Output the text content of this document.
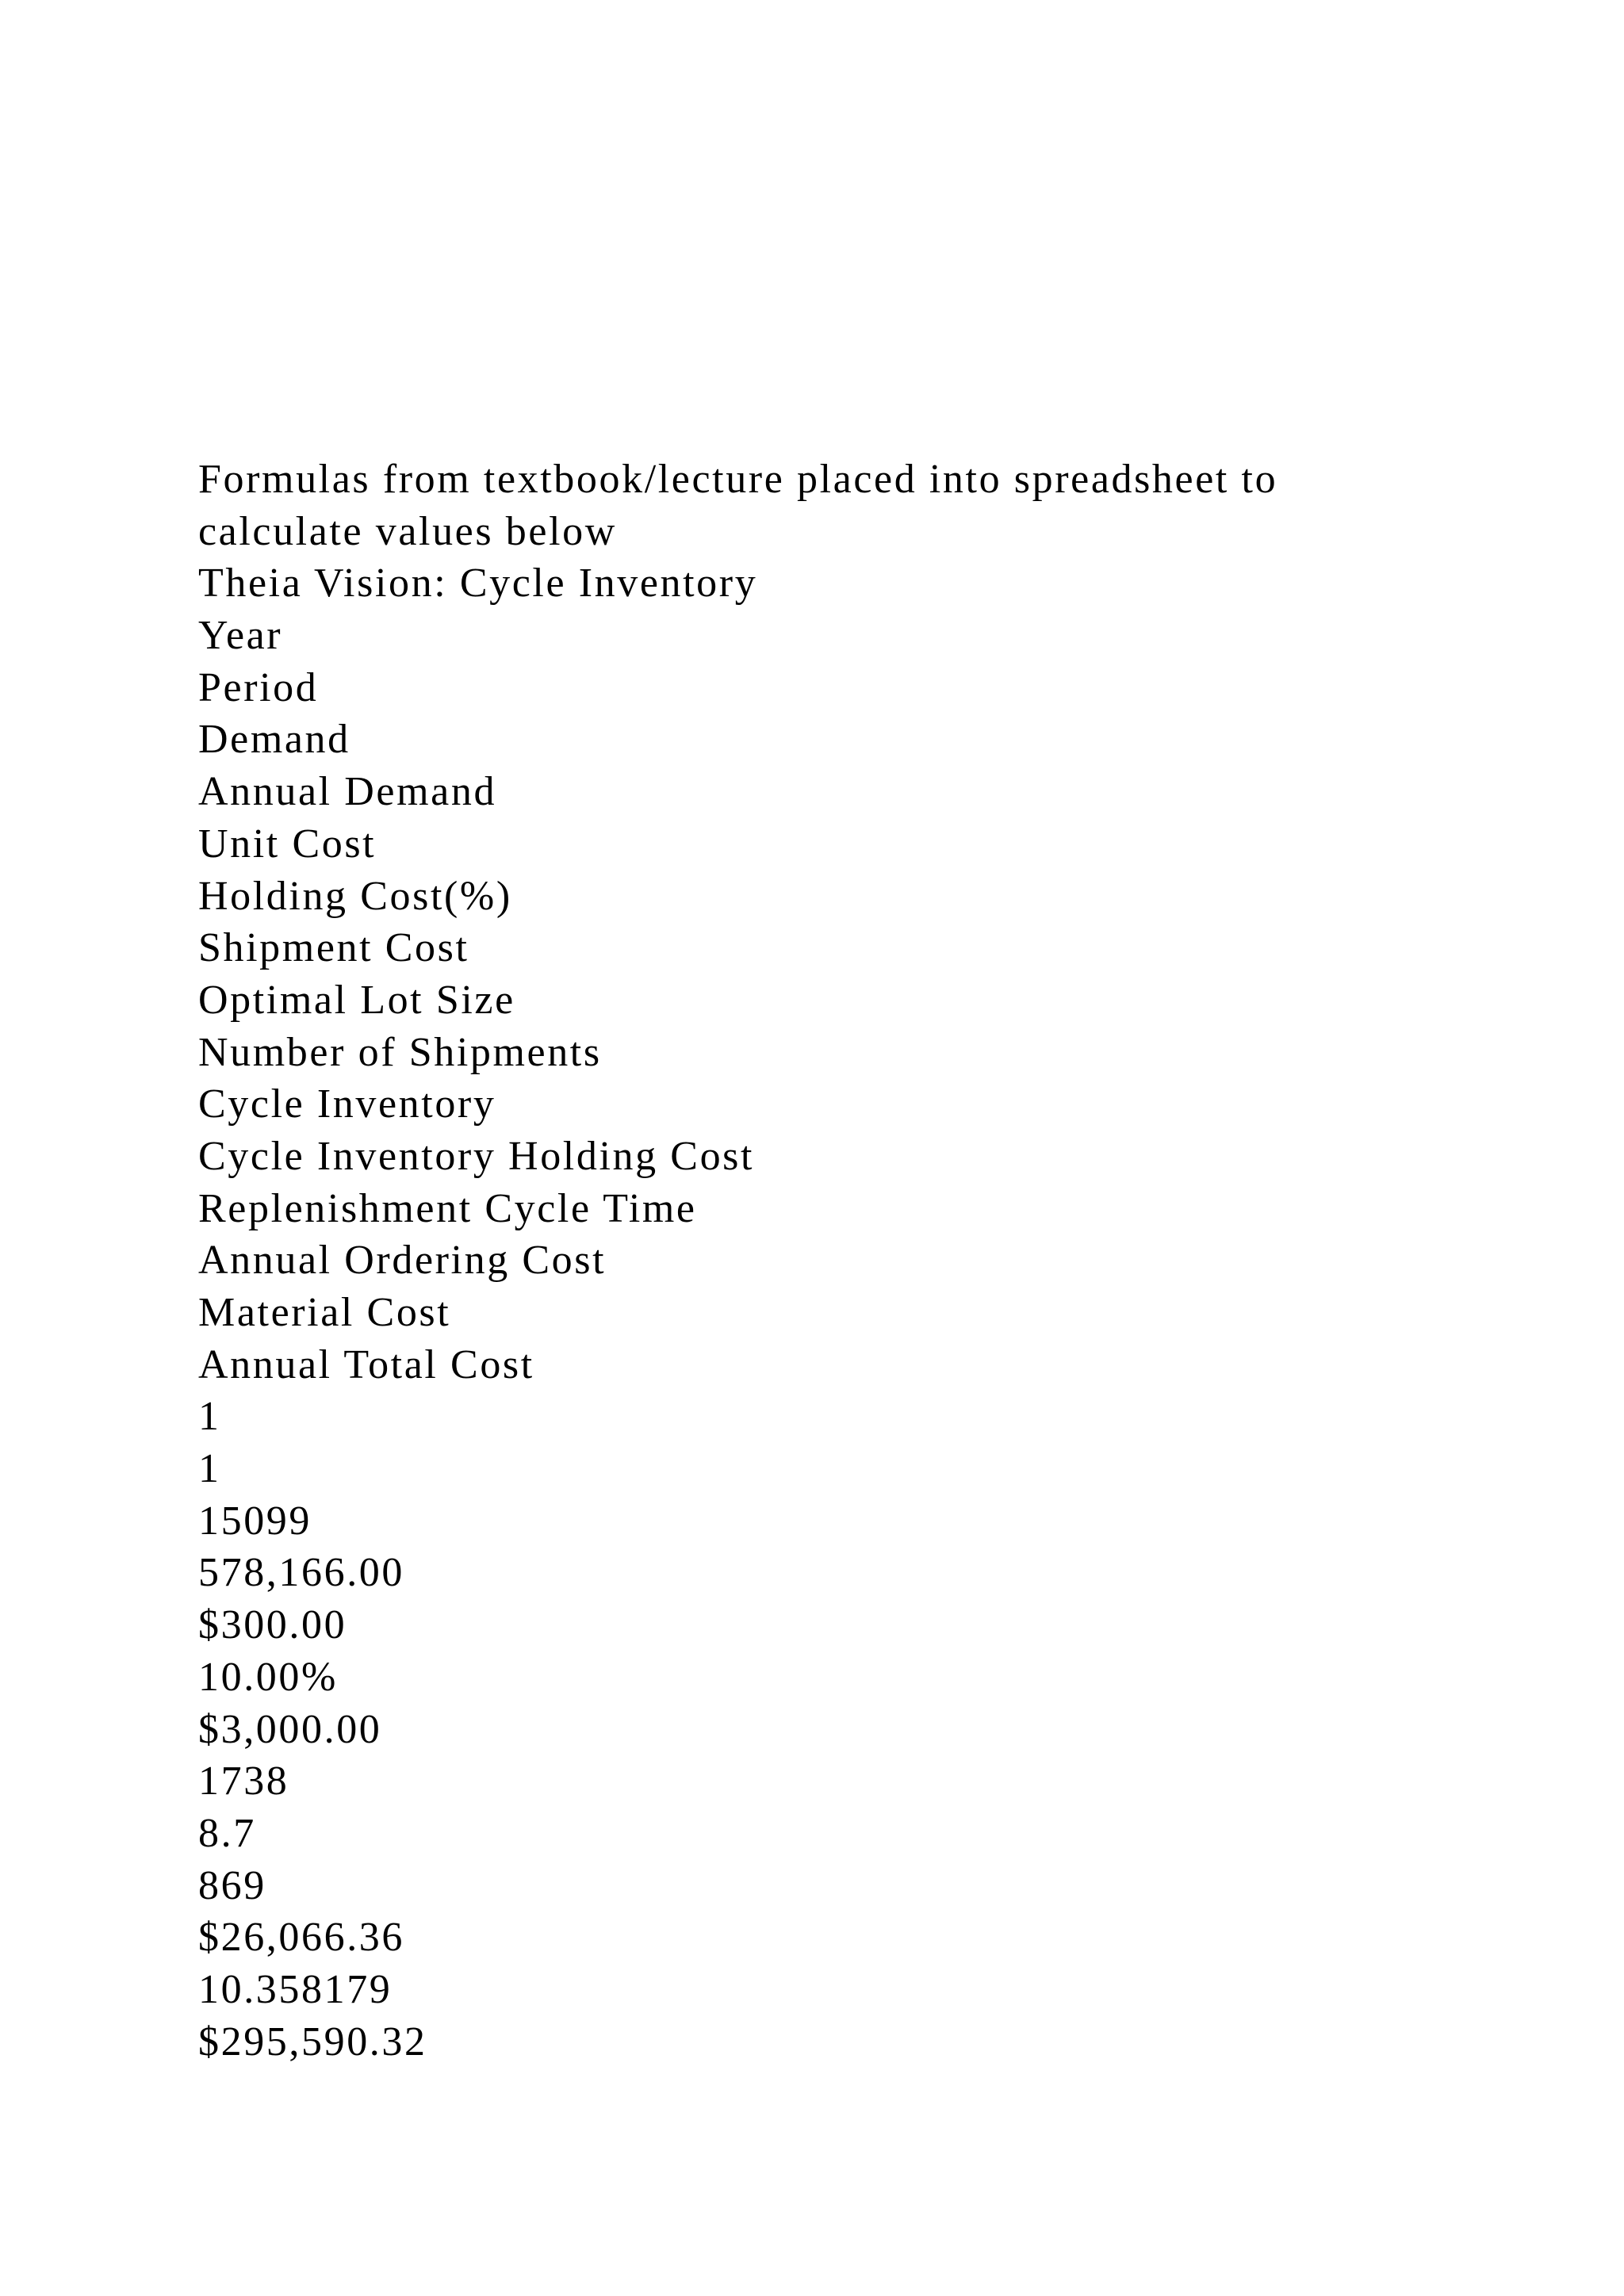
Formulas from textbook/lecture placed into spreadsheet to
calculate values below
Theia Vision: Cycle Inventory
Year
Period
Demand
Annual Demand
Unit Cost
Holding Cost(%)
Shipment Cost
Optimal Lot Size
Number of Shipments
Cycle Inventory
Cycle Inventory Holding Cost
Replenishment Cycle Time
Annual Ordering Cost
Material Cost
Annual Total Cost
1
1
15099
578,166.00
$300.00
10.00%
$3,000.00
1738
8.7
869
$26,066.36
10.358179
$295,590.32
